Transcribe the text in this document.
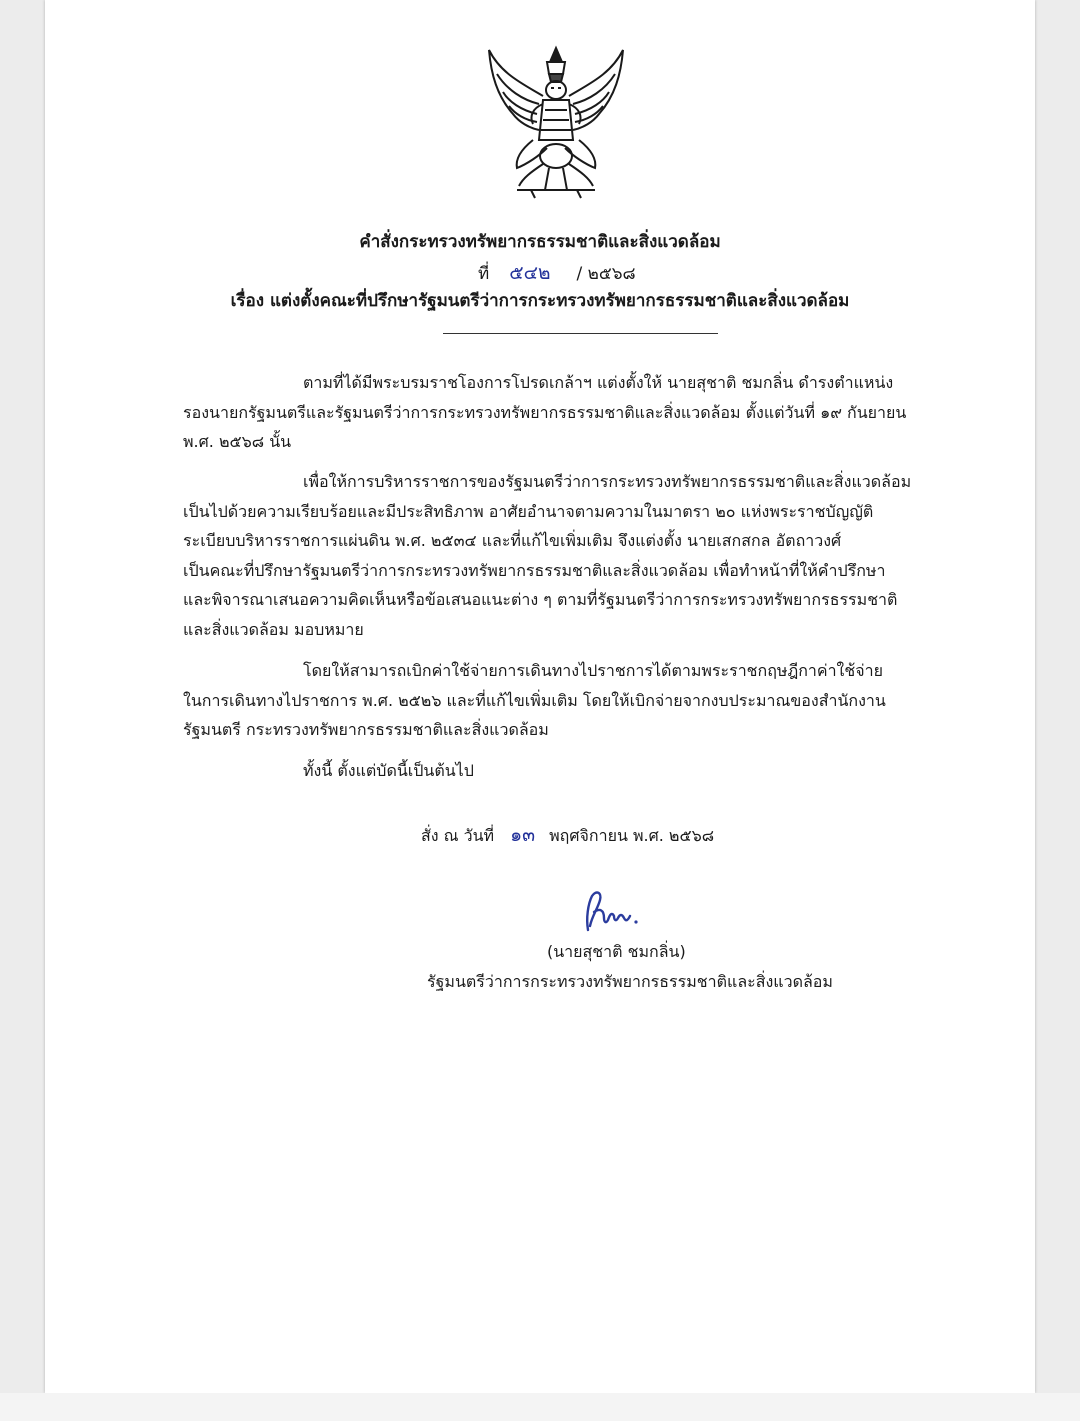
คำสั่งกระทรวงทรัพยากรธรรมชาติและสิ่งแวดล้อม
ที่ ๕๔๒ / ๒๕๖๘
เรื่อง แต่งตั้งคณะที่ปรึกษารัฐมนตรีว่าการกระทรวงทรัพยากรธรรมชาติและสิ่งแวดล้อม
ตามที่ได้มีพระบรมราชโองการโปรดเกล้าฯ แต่งตั้งให้ นายสุชาติ ชมกลิ่น ดำรงตำแหน่ง
รองนายกรัฐมนตรีและรัฐมนตรีว่าการกระทรวงทรัพยากรธรรมชาติและสิ่งแวดล้อม ตั้งแต่วันที่ ๑๙ กันยายน
พ.ศ. ๒๕๖๘ นั้น
เพื่อให้การบริหารราชการของรัฐมนตรีว่าการกระทรวงทรัพยากรธรรมชาติและสิ่งแวดล้อม
เป็นไปด้วยความเรียบร้อยและมีประสิทธิภาพ อาศัยอำนาจตามความในมาตรา ๒๐ แห่งพระราชบัญญัติ
ระเบียบบริหารราชการแผ่นดิน พ.ศ. ๒๕๓๔ และที่แก้ไขเพิ่มเติม จึงแต่งตั้ง นายเสกสกล อัตถาวงศ์
เป็นคณะที่ปรึกษารัฐมนตรีว่าการกระทรวงทรัพยากรธรรมชาติและสิ่งแวดล้อม เพื่อทำหน้าที่ให้คำปรึกษา
และพิจารณาเสนอความคิดเห็นหรือข้อเสนอแนะต่าง ๆ ตามที่รัฐมนตรีว่าการกระทรวงทรัพยากรธรรมชาติ
และสิ่งแวดล้อม มอบหมาย
โดยให้สามารถเบิกค่าใช้จ่ายการเดินทางไปราชการได้ตามพระราชกฤษฎีกาค่าใช้จ่าย
ในการเดินทางไปราชการ พ.ศ. ๒๕๒๖ และที่แก้ไขเพิ่มเติม โดยให้เบิกจ่ายจากงบประมาณของสำนักงาน
รัฐมนตรี กระทรวงทรัพยากรธรรมชาติและสิ่งแวดล้อม
ทั้งนี้ ตั้งแต่บัดนี้เป็นต้นไป
สั่ง ณ วันที่ ๑๓ พฤศจิกายน พ.ศ. ๒๕๖๘
(นายสุชาติ ชมกลิ่น)
รัฐมนตรีว่าการกระทรวงทรัพยากรธรรมชาติและสิ่งแวดล้อม
